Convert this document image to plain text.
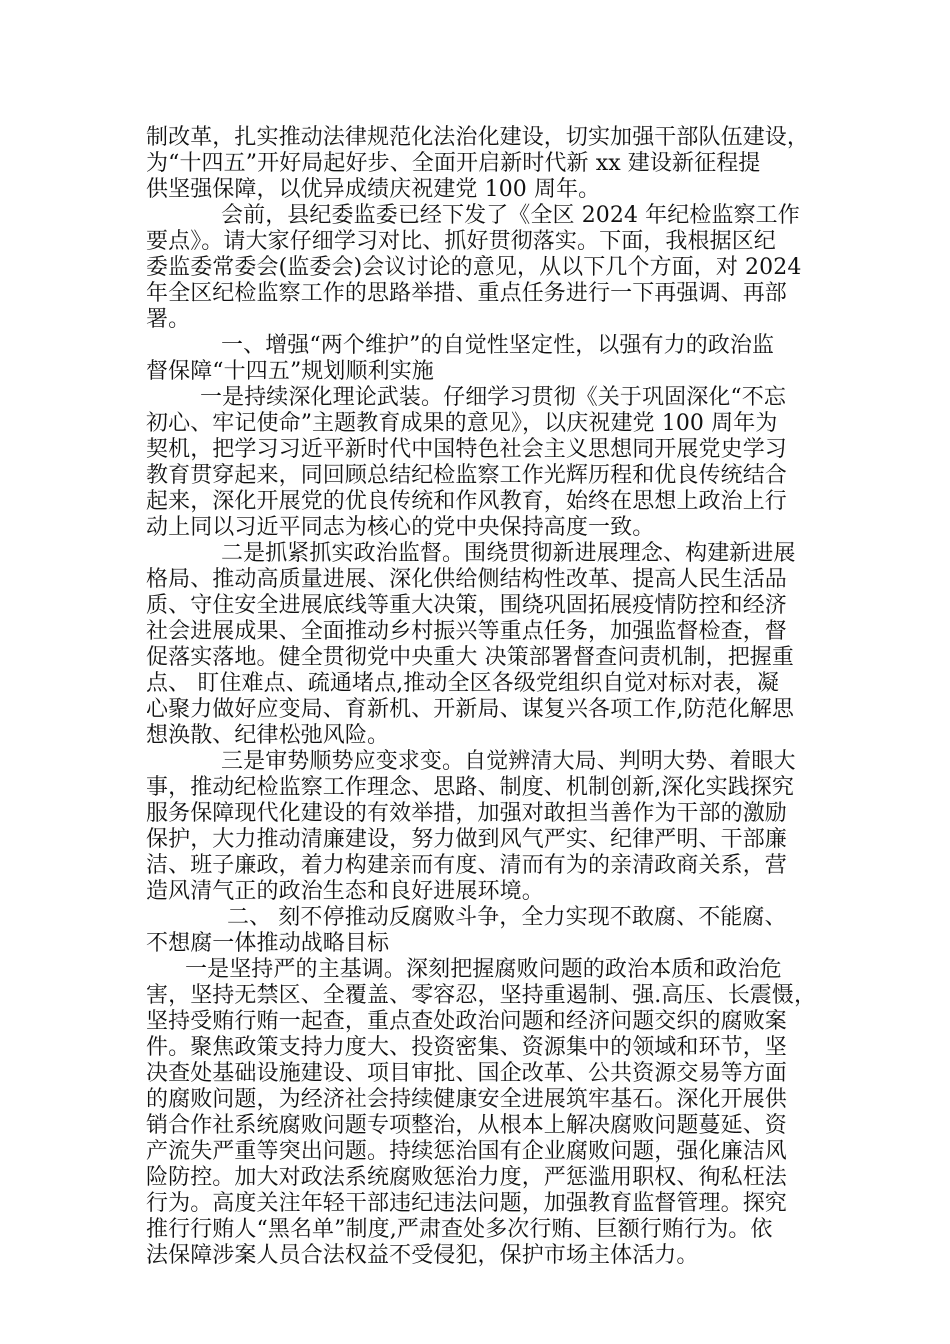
制改革，扎实推动法律规范化法治化建设，切实加强干部队伍建设，
为“十四五”开好局起好步、全面开启新时代新 xx 建设新征程提
供坚强保障，以优异成绩庆祝建党 100 周年。
会前，县纪委监委已经下发了《全区 2024 年纪检监察工作
要点》。请大家仔细学习对比、抓好贯彻落实。下面，我根据区纪
委监委常委会(监委会)会议讨论的意见，从以下几个方面，对 2024
年全区纪检监察工作的思路举措、重点任务进行一下再强调、再部
署。
一、增强“两个维护”的自觉性坚定性，以强有力的政治监
督保障“十四五”规划顺利实施
一是持续深化理论武装。仔细学习贯彻《关于巩固深化“不忘
初心、牢记使命”主题教育成果的意见》，以庆祝建党 100 周年为
契机，把学习习近平新时代中国特色社会主义思想同开展党史学习
教育贯穿起来，同回顾总结纪检监察工作光辉历程和优良传统结合
起来，深化开展党的优良传统和作风教育，始终在思想上政治上行
动上同以习近平同志为核心的党中央保持高度一致。
二是抓紧抓实政治监督。围绕贯彻新进展理念、构建新进展
格局、推动高质量进展、深化供给侧结构性改革、提高人民生活品
质、守住安全进展底线等重大决策，围绕巩固拓展疫情防控和经济
社会进展成果、全面推动乡村振兴等重点任务，加强监督检查，督
促落实落地。健全贯彻党中央重大 决策部署督查问责机制，把握重
点、 盯住难点、疏通堵点,推动全区各级党组织自觉对标对表，凝
心聚力做好应变局、育新机、开新局、谋复兴各项工作,防范化解思
想涣散、纪律松弛风险。
三是审势顺势应变求变。自觉辨清大局、判明大势、着眼大
事，推动纪检监察工作理念、思路、制度、机制创新,深化实践探究
服务保障现代化建设的有效举措，加强对敢担当善作为干部的激励
保护，大力推动清廉建设，努力做到风气严实、纪律严明、干部廉
洁、班子廉政，着力构建亲而有度、清而有为的亲清政商关系，营
造风清气正的政治生态和良好进展环境。
二、 刻不停推动反腐败斗争，全力实现不敢腐、不能腐、
不想腐一体推动战略目标
一是坚持严的主基调。深刻把握腐败问题的政治本质和政治危
害，坚持无禁区、全覆盖、零容忍，坚持重遏制、强.高压、长震慑，
坚持受贿行贿一起查，重点查处政治问题和经济问题交织的腐败案
件。聚焦政策支持力度大、投资密集、资源集中的领域和环节，坚
决查处基础设施建设、项目审批、国企改革、公共资源交易等方面
的腐败问题，为经济社会持续健康安全进展筑牢基石。深化开展供
销合作社系统腐败问题专项整治，从根本上解决腐败问题蔓延、资
产流失严重等突出问题。持续惩治国有企业腐败问题，强化廉洁风
险防控。加大对政法系统腐败惩治力度，严惩滥用职权、徇私枉法
行为。高度关注年轻干部违纪违法问题，加强教育监督管理。探究
推行行贿人“黑名单”制度,严肃查处多次行贿、巨额行贿行为。依
法保障涉案人员合法权益不受侵犯，保护市场主体活力。
